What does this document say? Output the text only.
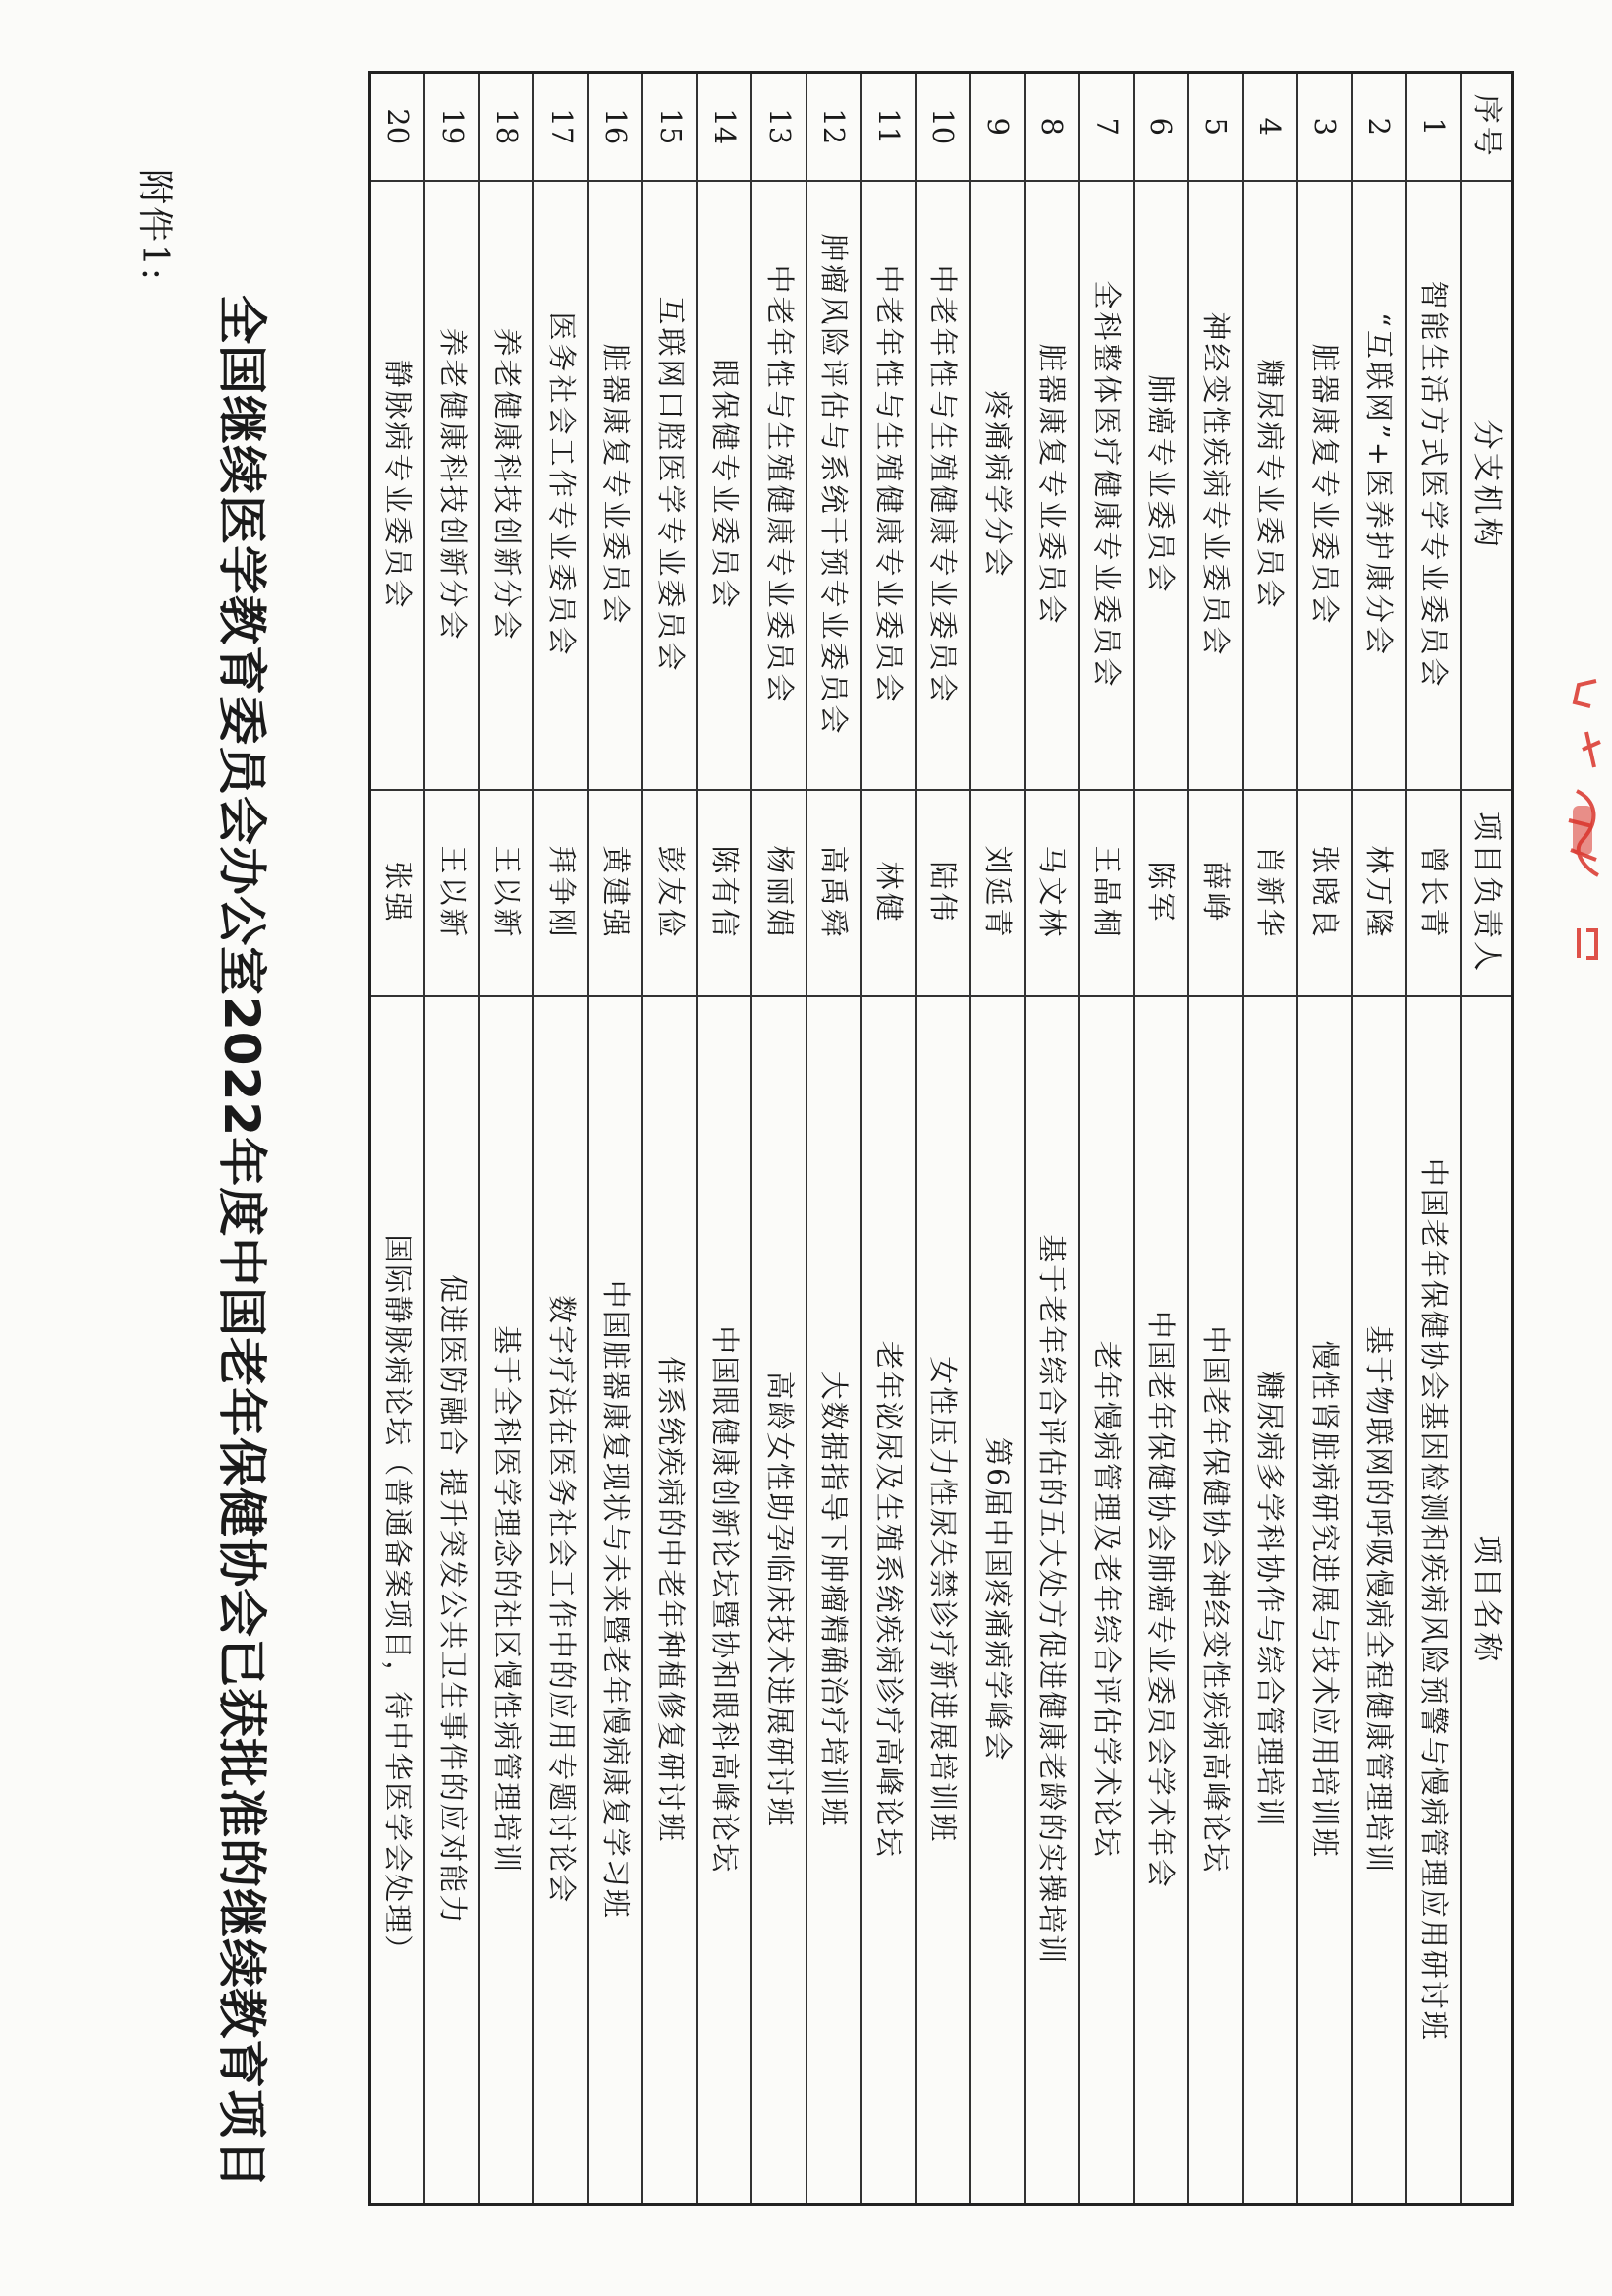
附件1:
全国继续医学教育委员会办公室2022年度中国老年保健协会已获批准的继续教育项目
序号	分支机构	项目负责人	项目名称
1	智能生活方式医学专业委员会	曾长青	中国老年保健协会基因检测和疾病风险预警与慢病管理应用研讨班
2	“互联网”+医养护康分会	林万隆	基于物联网的呼吸慢病全程健康管理培训
3	脏器康复专业委员会	张晓良	慢性肾脏病研究进展与技术应用培训班
4	糖尿病专业委员会	肖新华	糖尿病多学科协作与综合管理培训
5	神经变性疾病专业委员会	薛峥	中国老年保健协会神经变性疾病高峰论坛
6	肺癌专业委员会	陈军	中国老年保健协会肺癌专业委员会学术年会
7	全科整体医疗健康专业委员会	王晶桐	老年慢病管理及老年综合评估学术论坛
8	脏器康复专业委员会	马文林	基于老年综合评估的五大处方促进健康老龄的实操培训
9	疼痛病学分会	刘延青	第6届中国疼痛病学峰会
10	中老年性与生殖健康专业委员会	陆伟	女性压力性尿失禁诊疗新进展培训班
11	中老年性与生殖健康专业委员会	林健	老年泌尿及生殖系统疾病诊疗高峰论坛
12	肿瘤风险评估与系统干预专业委员会	高禹舜	大数据指导下肿瘤精确治疗培训班
13	中老年性与生殖健康专业委员会	杨丽娟	高龄女性助孕临床技术进展研讨班
14	眼保健专业委员会	陈有信	中国眼健康创新论坛暨协和眼科高峰论坛
15	互联网口腔医学专业委员会	彭友俭	伴系统疾病的中老年种植修复研讨班
16	脏器康复专业委员会	黄建强	中国脏器康复现状与未来暨老年慢病康复学习班
17	医务社会工作专业委员会	拜争刚	数字疗法在医务社会工作中的应用专题讨论会
18	养老健康科技创新分会	王以新	基于全科医学理念的社区慢性病管理培训
19	养老健康科技创新分会	王以新	促进医防融合 提升突发公共卫生事件的应对能力
20	静脉病专业委员会	张强	国际静脉病论坛（普通备案项目，待中华医学会处理）
